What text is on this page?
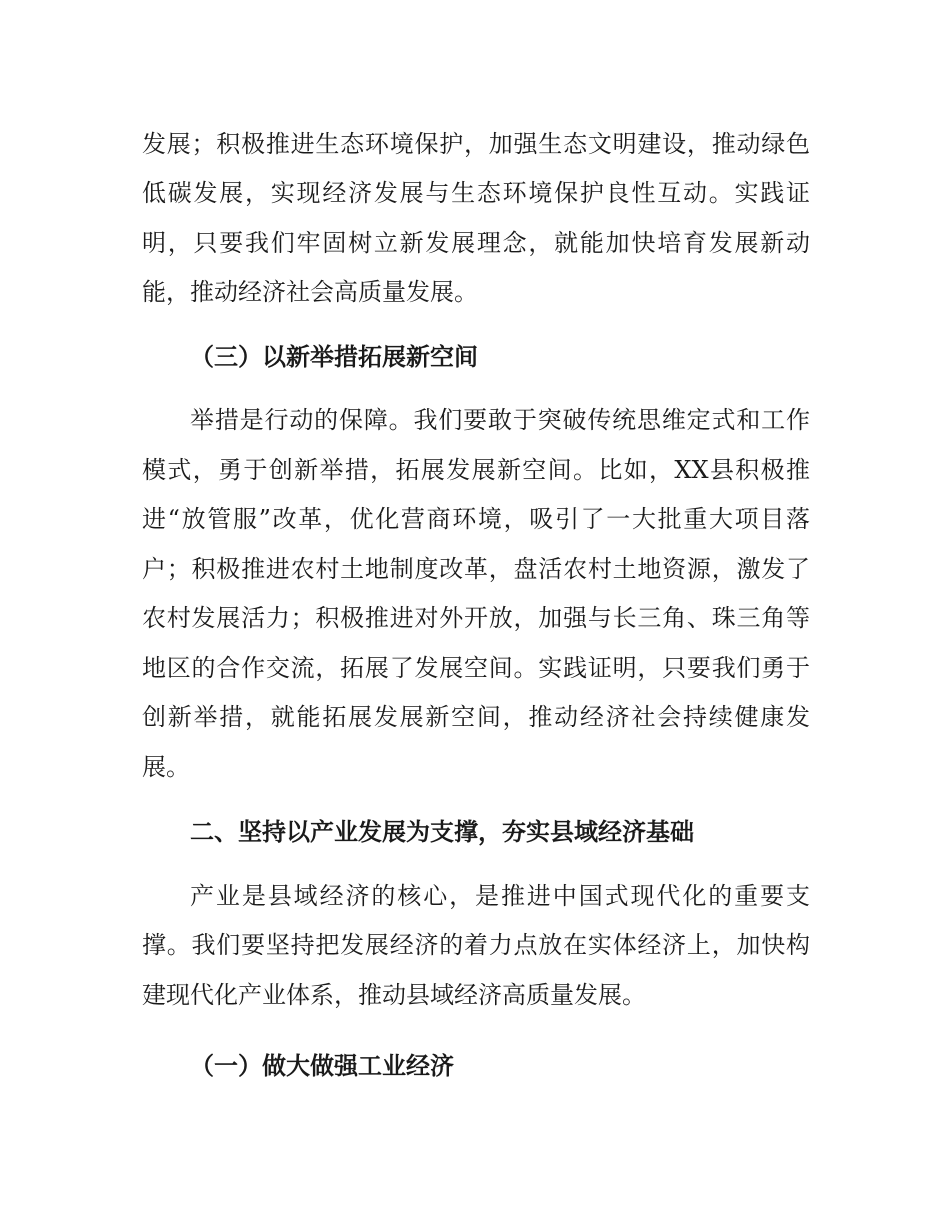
发展；积极推进生态环境保护，加强生态文明建设，推动绿色
低碳发展，实现经济发展与生态环境保护良性互动。实践证
明，只要我们牢固树立新发展理念，就能加快培育发展新动
能，推动经济社会高质量发展。
（三）以新举措拓展新空间
举措是行动的保障。我们要敢于突破传统思维定式和工作
模式，勇于创新举措，拓展发展新空间。比如，XX县积极推
进“放管服”改革，优化营商环境，吸引了一大批重大项目落
户；积极推进农村土地制度改革，盘活农村土地资源，激发了
农村发展活力；积极推进对外开放，加强与长三角、珠三角等
地区的合作交流，拓展了发展空间。实践证明，只要我们勇于
创新举措，就能拓展发展新空间，推动经济社会持续健康发
展。
二、坚持以产业发展为支撑，夯实县域经济基础
产业是县域经济的核心，是推进中国式现代化的重要支
撑。我们要坚持把发展经济的着力点放在实体经济上，加快构
建现代化产业体系，推动县域经济高质量发展。
（一）做大做强工业经济
